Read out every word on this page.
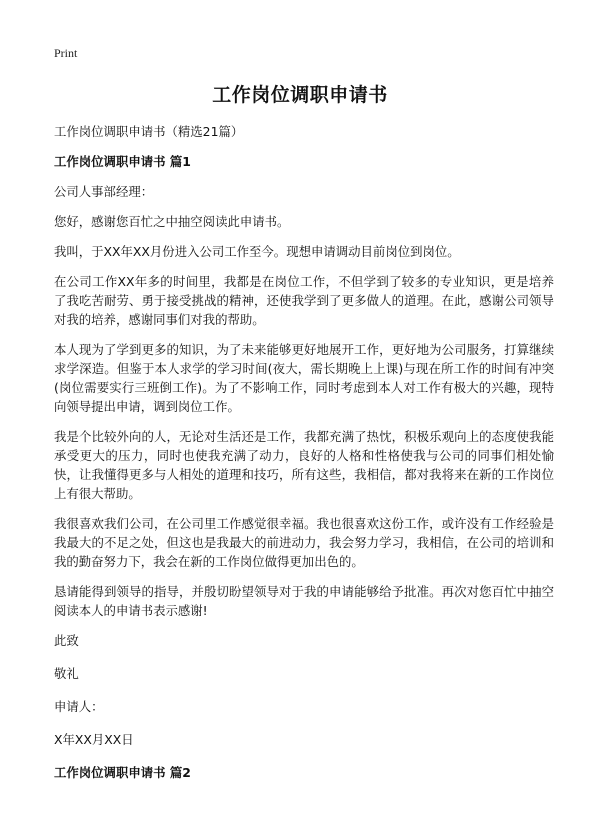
Print
工作岗位调职申请书

工作岗位调职申请书（精选21篇）

工作岗位调职申请书 篇1

公司人事部经理：

您好，感谢您百忙之中抽空阅读此申请书。

我叫，于XX年XX月份进入公司工作至今。现想申请调动目前岗位到岗位。

在公司工作XX年多的时间里，我都是在岗位工作，不但学到了较多的专业知识，更是培养了我吃苦耐劳、勇于接受挑战的精神，还使我学到了更多做人的道理。在此，感谢公司领导对我的培养，感谢同事们对我的帮助。

本人现为了学到更多的知识，为了未来能够更好地展开工作，更好地为公司服务，打算继续求学深造。但鉴于本人求学的学习时间(夜大，需长期晚上上课)与现在所工作的时间有冲突(岗位需要实行三班倒工作)。为了不影响工作，同时考虑到本人对工作有极大的兴趣，现特向领导提出申请，调到岗位工作。

我是个比较外向的人，无论对生活还是工作，我都充满了热忱，积极乐观向上的态度使我能承受更大的压力，同时也使我充满了动力，良好的人格和性格使我与公司的同事们相处愉快，让我懂得更多与人相处的道理和技巧，所有这些，我相信，都对我将来在新的工作岗位上有很大帮助。

我很喜欢我们公司，在公司里工作感觉很幸福。我也很喜欢这份工作，或许没有工作经验是我最大的不足之处，但这也是我最大的前进动力，我会努力学习，我相信，在公司的培训和我的勤奋努力下，我会在新的工作岗位做得更加出色的。

恳请能得到领导的指导，并殷切盼望领导对于我的申请能够给予批准。再次对您百忙中抽空阅读本人的申请书表示感谢!

此致

敬礼

申请人：

X年XX月XX日

工作岗位调职申请书 篇2
